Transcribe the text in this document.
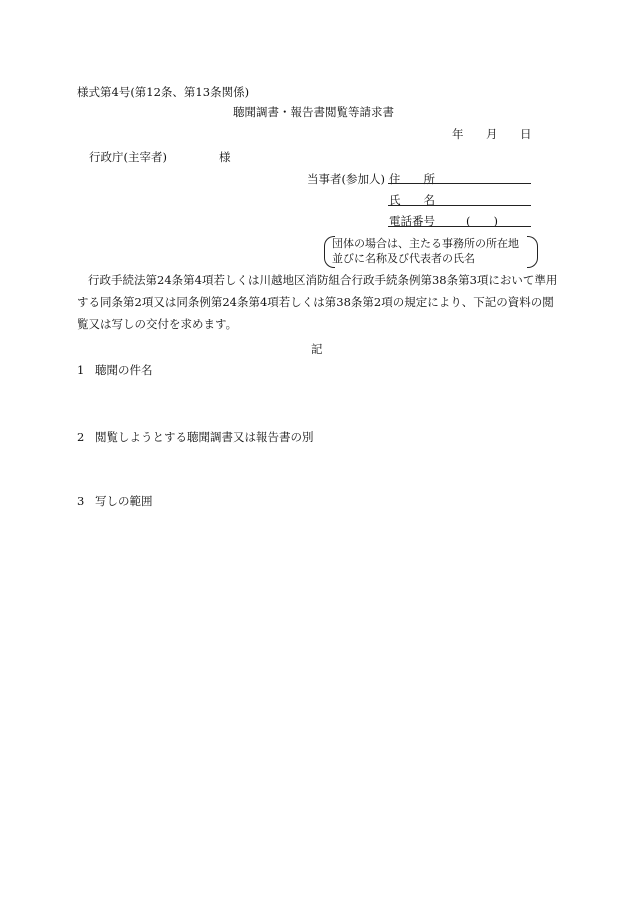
様式第4号(第12条、第13条関係)
聴聞調書・報告書閲覧等請求書
年 月 日
行政庁(主宰者)	様
当事者(参加人) 住　　所
氏　　名
電話番号	(　　)
団体の場合は、主たる事務所の所在地
並びに名称及び代表者の氏名
行政手続法第24条第4項若しくは川越地区消防組合行政手続条例第38条第3項において準用する同条第2項又は同条例第24条第4項若しくは第38条第2項の規定により、下記の資料の閲覧又は写しの交付を求めます。
記
1 聴聞の件名
2 閲覧しようとする聴聞調書又は報告書の別
3 写しの範囲
